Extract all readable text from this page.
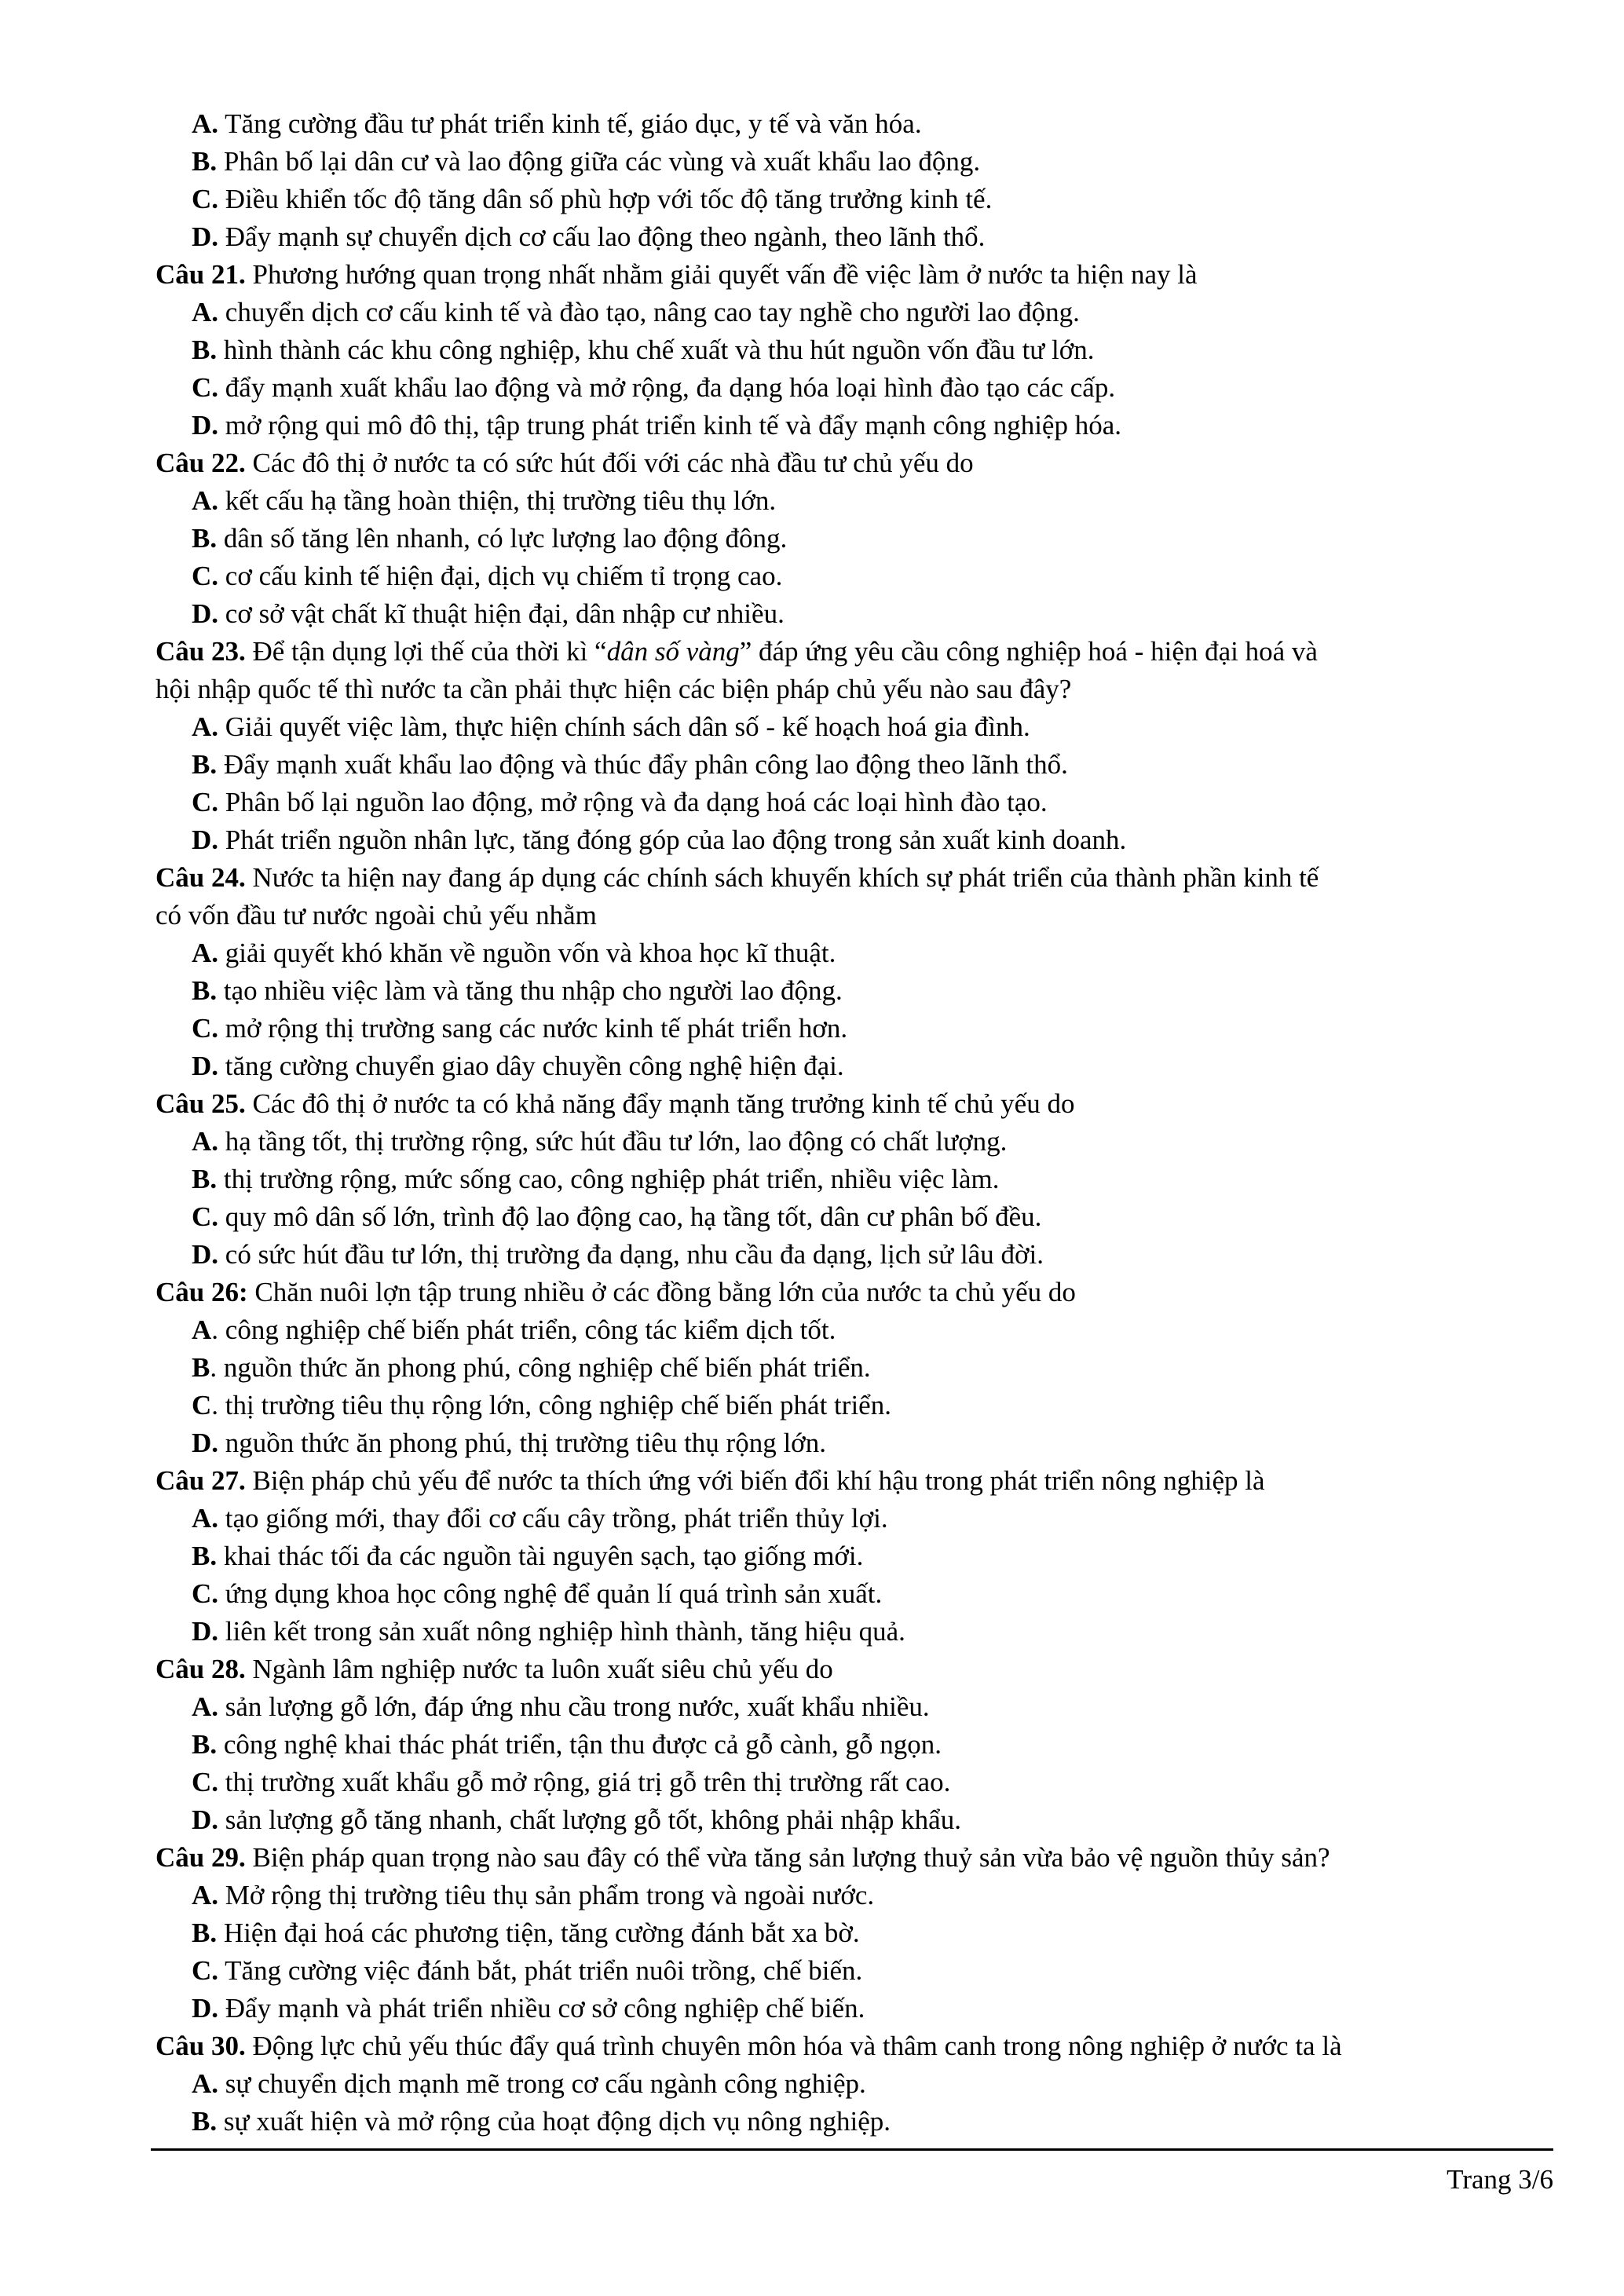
A. Tăng cường đầu tư phát triển kinh tế, giáo dục, y tế và văn hóa.
B. Phân bố lại dân cư và lao động giữa các vùng và xuất khẩu lao động.
C. Điều khiển tốc độ tăng dân số phù hợp với tốc độ tăng trưởng kinh tế.
D. Đẩy mạnh sự chuyển dịch cơ cấu lao động theo ngành, theo lãnh thổ.
Câu 21. Phương hướng quan trọng nhất nhằm giải quyết vấn đề việc làm ở nước ta hiện nay là
A. chuyển dịch cơ cấu kinh tế và đào tạo, nâng cao tay nghề cho người lao động.
B. hình thành các khu công nghiệp, khu chế xuất và thu hút nguồn vốn đầu tư lớn.
C. đẩy mạnh xuất khẩu lao động và mở rộng, đa dạng hóa loại hình đào tạo các cấp.
D. mở rộng qui mô đô thị, tập trung phát triển kinh tế và đẩy mạnh công nghiệp hóa.
Câu 22. Các đô thị ở nước ta có sức hút đối với các nhà đầu tư chủ yếu do
A. kết cấu hạ tầng hoàn thiện, thị trường tiêu thụ lớn.
B. dân số tăng lên nhanh, có lực lượng lao động đông.
C. cơ cấu kinh tế hiện đại, dịch vụ chiếm tỉ trọng cao.
D. cơ sở vật chất kĩ thuật hiện đại, dân nhập cư nhiều.
Câu 23. Để tận dụng lợi thế của thời kì “dân số vàng” đáp ứng yêu cầu công nghiệp hoá - hiện đại hoá và
hội nhập quốc tế thì nước ta cần phải thực hiện các biện pháp chủ yếu nào sau đây?
A. Giải quyết việc làm, thực hiện chính sách dân số - kế hoạch hoá gia đình.
B. Đẩy mạnh xuất khẩu lao động và thúc đẩy phân công lao động theo lãnh thổ.
C. Phân bố lại nguồn lao động, mở rộng và đa dạng hoá các loại hình đào tạo.
D. Phát triển nguồn nhân lực, tăng đóng góp của lao động trong sản xuất kinh doanh.
Câu 24. Nước ta hiện nay đang áp dụng các chính sách khuyến khích sự phát triển của thành phần kinh tế
có vốn đầu tư nước ngoài chủ yếu nhằm
A. giải quyết khó khăn về nguồn vốn và khoa học kĩ thuật.
B. tạo nhiều việc làm và tăng thu nhập cho người lao động.
C. mở rộng thị trường sang các nước kinh tế phát triển hơn.
D. tăng cường chuyển giao dây chuyền công nghệ hiện đại.
Câu 25. Các đô thị ở nước ta có khả năng đẩy mạnh tăng trưởng kinh tế chủ yếu do
A. hạ tầng tốt, thị trường rộng, sức hút đầu tư lớn, lao động có chất lượng.
B. thị trường rộng, mức sống cao, công nghiệp phát triển, nhiều việc làm.
C. quy mô dân số lớn, trình độ lao động cao, hạ tầng tốt, dân cư phân bố đều.
D. có sức hút đầu tư lớn, thị trường đa dạng, nhu cầu đa dạng, lịch sử lâu đời.
Câu 26: Chăn nuôi lợn tập trung nhiều ở các đồng bằng lớn của nước ta chủ yếu do
A. công nghiệp chế biến phát triển, công tác kiểm dịch tốt.
B. nguồn thức ăn phong phú, công nghiệp chế biến phát triển.
C. thị trường tiêu thụ rộng lớn, công nghiệp chế biến phát triển.
D. nguồn thức ăn phong phú, thị trường tiêu thụ rộng lớn.
Câu 27. Biện pháp chủ yếu để nước ta thích ứng với biến đổi khí hậu trong phát triển nông nghiệp là
A. tạo giống mới, thay đổi cơ cấu cây trồng, phát triển thủy lợi.
B. khai thác tối đa các nguồn tài nguyên sạch, tạo giống mới.
C. ứng dụng khoa học công nghệ để quản lí quá trình sản xuất.
D. liên kết trong sản xuất nông nghiệp hình thành, tăng hiệu quả.
Câu 28. Ngành lâm nghiệp nước ta luôn xuất siêu chủ yếu do
A. sản lượng gỗ lớn, đáp ứng nhu cầu trong nước, xuất khẩu nhiều.
B. công nghệ khai thác phát triển, tận thu được cả gỗ cành, gỗ ngọn.
C. thị trường xuất khẩu gỗ mở rộng, giá trị gỗ trên thị trường rất cao.
D. sản lượng gỗ tăng nhanh, chất lượng gỗ tốt, không phải nhập khẩu.
Câu 29. Biện pháp quan trọng nào sau đây có thể vừa tăng sản lượng thuỷ sản vừa bảo vệ nguồn thủy sản?
A. Mở rộng thị trường tiêu thụ sản phẩm trong và ngoài nước.
B. Hiện đại hoá các phương tiện, tăng cường đánh bắt xa bờ.
C. Tăng cường việc đánh bắt, phát triển nuôi trồng, chế biến.
D. Đẩy mạnh và phát triển nhiều cơ sở công nghiệp chế biến.
Câu 30. Động lực chủ yếu thúc đẩy quá trình chuyên môn hóa và thâm canh trong nông nghiệp ở nước ta là
A. sự chuyển dịch mạnh mẽ trong cơ cấu ngành công nghiệp.
B. sự xuất hiện và mở rộng của hoạt động dịch vụ nông nghiệp.
Trang 3/6
